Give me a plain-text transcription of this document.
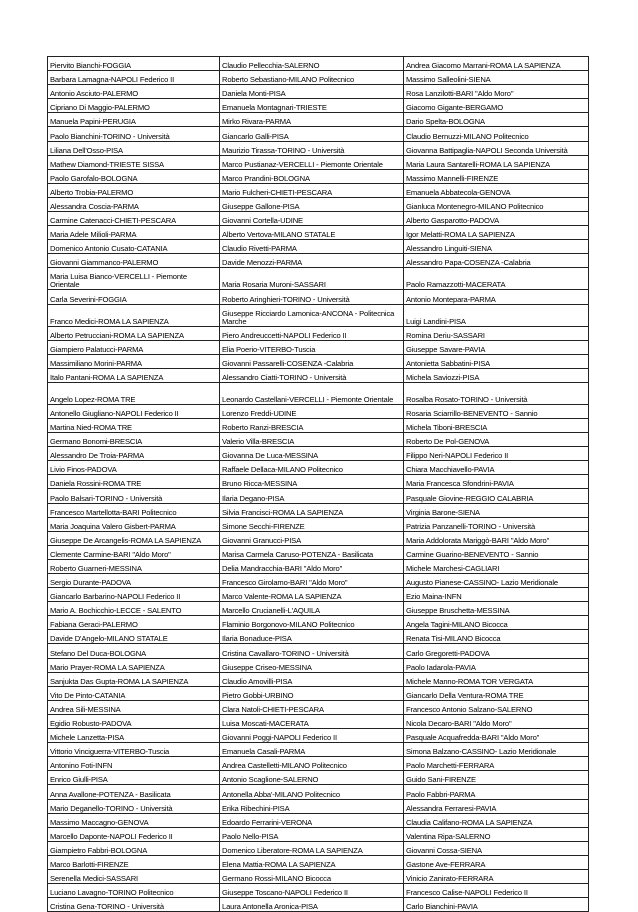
Piervito Bianchi-FOGGIA	Claudio Pellecchia-SALERNO	Andrea Giacomo Marrani-ROMA LA SAPIENZA
Barbara Lamagna-NAPOLI Federico II	Roberto Sebastiano-MILANO Politecnico	Massimo Salleolini-SIENA
Antonio Asciuto-PALERMO	Daniela Monti-PISA	Rosa Lanzilotti-BARI "Aldo Moro"
Cipriano Di Maggio-PALERMO	Emanuela Montagnari-TRIESTE	Giacomo Gigante-BERGAMO
Manuela Papini-PERUGIA	Mirko Rivara-PARMA	Dario Spelta-BOLOGNA
Paolo Bianchini-TORINO - Università	Giancarlo Galli-PISA	Claudio Bernuzzi-MILANO Politecnico
Liliana Dell'Osso-PISA	Maurizio Tirassa-TORINO - Università	Giovanna Battipaglia-NAPOLI Seconda Università
Mathew Diamond-TRIESTE SISSA	Marco Pustianaz-VERCELLI - Piemonte Orientale	Maria Laura Santarelli-ROMA LA SAPIENZA
Paolo Garofalo-BOLOGNA	Marco Prandini-BOLOGNA	Massimo Mannelli-FIRENZE
Alberto Trobia-PALERMO	Mario Fulcheri-CHIETI-PESCARA	Emanuela Abbatecola-GENOVA
Alessandra Coscia-PARMA	Giuseppe Gallone-PISA	Gianluca Montenegro-MILANO Politecnico
Carmine Catenacci-CHIETI-PESCARA	Giovanni Cortella-UDINE	Alberto Gasparotto-PADOVA
Maria Adele Milioli-PARMA	Alberto Vertova-MILANO STATALE	Igor Melatti-ROMA LA SAPIENZA
Domenico Antonio Cusato-CATANIA	Claudio Rivetti-PARMA	Alessandro Linguiti-SIENA
Giovanni Giammanco-PALERMO	Davide Menozzi-PARMA	Alessandro Papa-COSENZA -Calabria
Maria Luisa Bianco-VERCELLI - Piemonte Orientale	Maria Rosaria Muroni-SASSARI	Paolo Ramazzotti-MACERATA
Carla Severini-FOGGIA	Roberto Aringhieri-TORINO - Università	Antonio Montepara-PARMA
Franco Medici-ROMA LA SAPIENZA	Giuseppe Ricciardo Lamonica-ANCONA - Politecnica Marche	Luigi Landini-PISA
Alberto Petrucciani-ROMA LA SAPIENZA	Piero Andreuccetti-NAPOLI Federico II	Romina Deriu-SASSARI
Giampiero Palatucci-PARMA	Elia Poerio-VITERBO-Tuscia	Giuseppe Savare-PAVIA
Massimiliano Morini-PARMA	Giovanni Passarelli-COSENZA -Calabria	Antonietta Sabbatini-PISA
Italo Pantani-ROMA LA SAPIENZA	Alessandro Ciatti-TORINO - Università	Michela Saviozzi-PISA
Angelo Lopez-ROMA TRE	Leonardo Castellani-VERCELLI - Piemonte Orientale	Rosalba Rosato-TORINO - Università
Antonello Giugliano-NAPOLI Federico II	Lorenzo Freddi-UDINE	Rosaria Sciarrillo-BENEVENTO - Sannio
Martina Nied-ROMA TRE	Roberto Ranzi-BRESCIA	Michela Tiboni-BRESCIA
Germano Bonomi-BRESCIA	Valerio Villa-BRESCIA	Roberto De Pol-GENOVA
Alessandro De Troia-PARMA	Giovanna De Luca-MESSINA	Filippo Neri-NAPOLI Federico II
Livio Finos-PADOVA	Raffaele Dellaca-MILANO Politecnico	Chiara Macchiavello-PAVIA
Daniela Rossini-ROMA TRE	Bruno Ricca-MESSINA	Maria Francesca Sfondrini-PAVIA
Paolo Balsari-TORINO - Università	Ilaria Degano-PISA	Pasquale Giovine-REGGIO CALABRIA
Francesco Martellotta-BARI Politecnico	Silvia Francisci-ROMA LA SAPIENZA	Virginia Barone-SIENA
Maria Joaquina Valero Gisbert-PARMA	Simone Secchi-FIRENZE	Patrizia Panzanelli-TORINO - Università
Giuseppe De Arcangelis-ROMA LA SAPIENZA	Giovanni Granucci-PISA	Maria Addolorata Mariggò-BARI "Aldo Moro"
Clemente Carmine-BARI "Aldo Moro"	Marisa Carmela Caruso-POTENZA - Basilicata	Carmine Guarino-BENEVENTO - Sannio
Roberto Guarneri-MESSINA	Delia Mandracchia-BARI "Aldo Moro"	Michele Marchesi-CAGLIARI
Sergio Durante-PADOVA	Francesco Girolamo-BARI "Aldo Moro"	Augusto Pianese-CASSINO- Lazio Meridionale
Giancarlo Barbarino-NAPOLI Federico II	Marco Valente-ROMA LA SAPIENZA	Ezio Maina-INFN
Mario A. Bochicchio-LECCE - SALENTO	Marcello Crucianelli-L'AQUILA	Giuseppe Bruschetta-MESSINA
Fabiana Geraci-PALERMO	Flaminio Borgonovo-MILANO Politecnico	Angela Tagini-MILANO Bicocca
Davide D'Angelo-MILANO STATALE	Ilaria Bonaduce-PISA	Renata Tisi-MILANO Bicocca
Stefano Del Duca-BOLOGNA	Cristina Cavallaro-TORINO - Università	Carlo Gregoretti-PADOVA
Mario Prayer-ROMA LA SAPIENZA	Giuseppe Criseo-MESSINA	Paolo Iadarola-PAVIA
Sanjukta Das Gupta-ROMA LA SAPIENZA	Claudio Amovilli-PISA	Michele Manno-ROMA TOR VERGATA
Vito De Pinto-CATANIA	Pietro Gobbi-URBINO	Giancarlo Della Ventura-ROMA TRE
Andrea Sili-MESSINA	Clara Natoli-CHIETI-PESCARA	Francesco Antonio Salzano-SALERNO
Egidio Robusto-PADOVA	Luisa Moscati-MACERATA	Nicola Decaro-BARI "Aldo Moro"
Michele Lanzetta-PISA	Giovanni Poggi-NAPOLI Federico II	Pasquale Acquafredda-BARI "Aldo Moro"
Vittorio Vinciguerra-VITERBO-Tuscia	Emanuela Casali-PARMA	Simona Balzano-CASSINO- Lazio Meridionale
Antonino Foti-INFN	Andrea Castelletti-MILANO Politecnico	Paolo Marchetti-FERRARA
Enrico Giulli-PISA	Antonio Scaglione-SALERNO	Guido Sani-FIRENZE
Anna Avallone-POTENZA - Basilicata	Antonella Abba'-MILANO Politecnico	Paolo Fabbri-PARMA
Mario Deganello-TORINO - Università	Erika Ribechini-PISA	Alessandra Ferraresi-PAVIA
Massimo Maccagno-GENOVA	Edoardo Ferrarini-VERONA	Claudia Califano-ROMA LA SAPIENZA
Marcello Daponte-NAPOLI Federico II	Paolo Nello-PISA	Valentina Ripa-SALERNO
Giampietro Fabbri-BOLOGNA	Domenico Liberatore-ROMA LA SAPIENZA	Giovanni Cossa-SIENA
Marco Barlotti-FIRENZE	Elena Mattia-ROMA LA SAPIENZA	Gastone Ave-FERRARA
Serenella Medici-SASSARI	Germano Rossi-MILANO Bicocca	Vinicio Zanirato-FERRARA
Luciano Lavagno-TORINO Politecnico	Giuseppe Toscano-NAPOLI Federico II	Francesco Calise-NAPOLI Federico II
Cristina Gena-TORINO - Università	Laura Antonella Aronica-PISA	Carlo Bianchini-PAVIA
